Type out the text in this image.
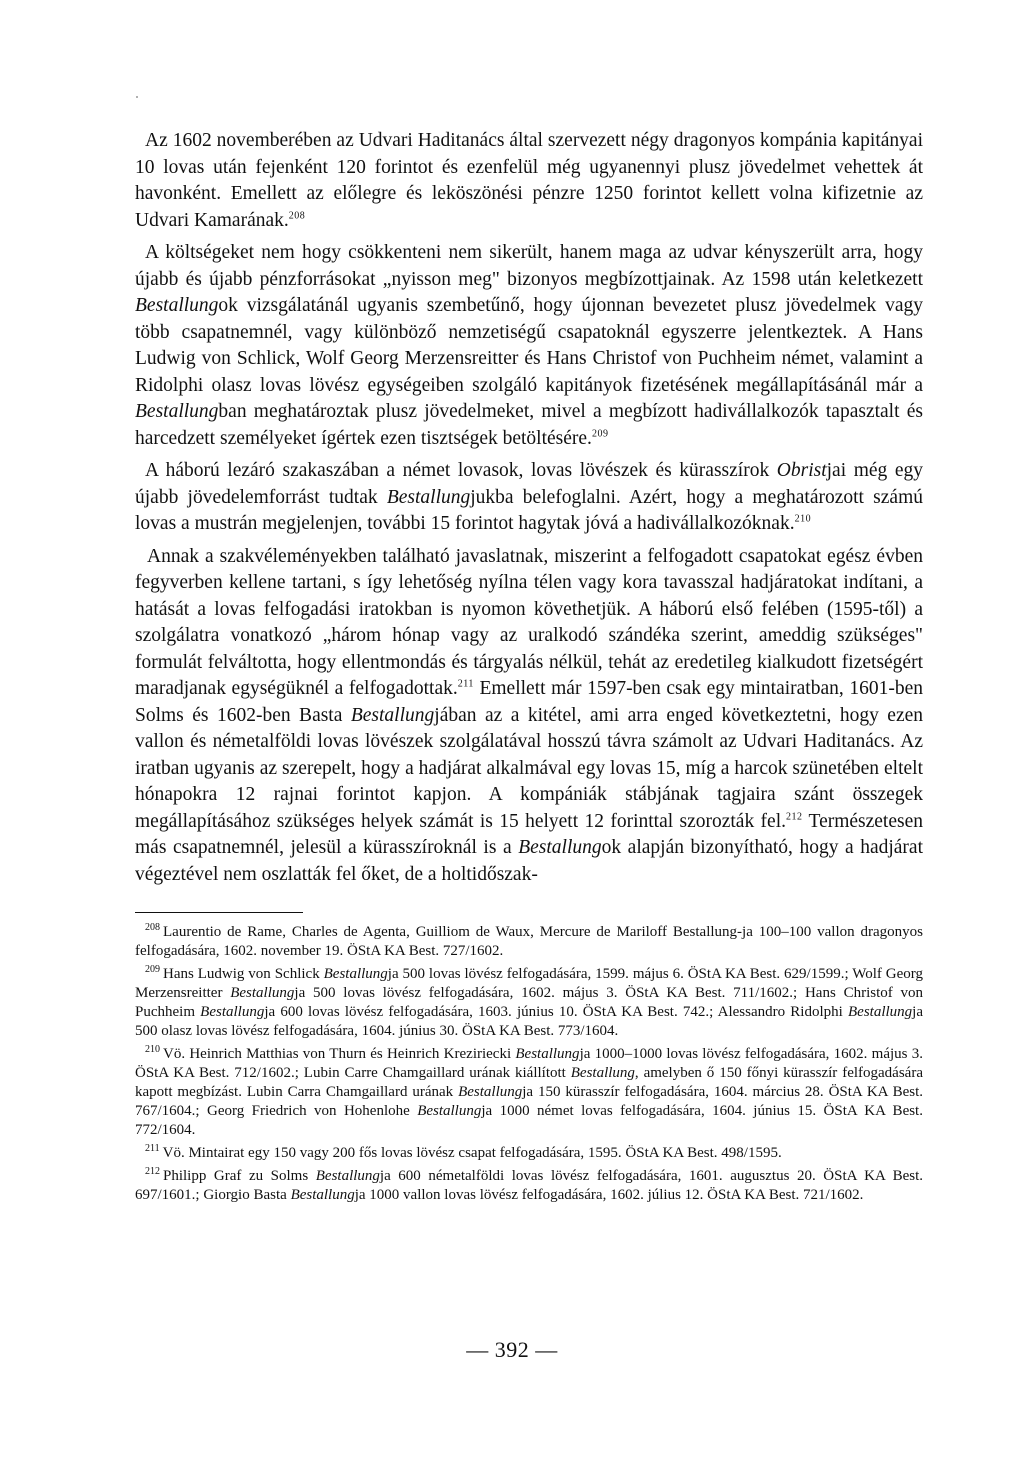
Az 1602 novemberében az Udvari Haditanács által szervezett négy dragonyos kompánia kapitányai 10 lovas után fejenként 120 forintot és ezenfelül még ugyanennyi plusz jövedelmet vehettek át havonként. Emellett az előlegre és leköszönési pénzre 1250 forintot kellett volna kifizetnie az Udvari Kamarának.$^{208}$

A költségeket nem hogy csökkenteni nem sikerült, hanem maga az udvar kényszerült arra, hogy újabb és újabb pénzforrásokat „nyisson meg" bizonyos megbízottjainak. Az 1598 után keletkezett Bestallungok vizsgálatánál ugyanis szembetűnő, hogy újonnan bevezetet plusz jövedelmek vagy több csapatnemnél, vagy különböző nemzetiségű csapatoknál egyszerre jelentkeztek. A Hans Ludwig von Schlick, Wolf Georg Merzensreitter és Hans Christof von Puchheim német, valamint a Ridolphi olasz lovas lövész egységeiben szolgáló kapitányok fizetésének megállapításánál már a Bestallungban meghatároztak plusz jövedelmeket, mivel a megbízott hadivállalkozók tapasztalt és harcedzett személyeket ígértek ezen tisztségek betöltésére.$^{209}$

A háború lezáró szakaszában a német lovasok, lovas lövészek és kürasszírok Obristjai még egy újabb jövedelemforrást tudtak Bestallungjukba belefoglalni. Azért, hogy a meghatározott számú lovas a mustrán megjelenjen, további 15 forintot hagytak jóvá a hadivállalkozóknak.$^{210}$

Annak a szakvéleményekben található javaslatnak, miszerint a felfogadott csapatokat egész évben fegyverben kellene tartani, s így lehetőség nyílna télen vagy kora tavasszal hadjáratokat indítani, a hatását a lovas felfogadási iratokban is nyomon követhetjük. A háború első felében (1595-től) a szolgálatra vonatkozó „három hónap vagy az uralkodó szándéka szerint, ameddig szükséges" formulát felváltotta, hogy ellentmondás és tárgyalás nélkül, tehát az eredetileg kialkudott fizetségért maradjanak egységüknél a felfogadottak.$^{211}$ Emellett már 1597-ben csak egy mintairatban, 1601-ben Solms és 1602-ben Basta Bestallungjában az a kitétel, ami arra enged következtetni, hogy ezen vallon és németalföldi lovas lövészek szolgálatával hosszú távra számolt az Udvari Haditanács. Az iratban ugyanis az szerepelt, hogy a hadjárat alkalmával egy lovas 15, míg a harcok szünetében eltelt hónapokra 12 rajnai forintot kapjon. A kompániák stábjának tagjaira szánt összegek megállapításához szükséges helyek számát is 15 helyett 12 forinttal szorozták fel.$^{212}$ Természetesen más csapatnemnél, jelesül a kürasszíroknál is a Bestallungok alapján bizonyítható, hogy a hadjárat végeztével nem oszlatták fel őket, de a holtidőszak-

208 Laurentio de Rame, Charles de Agenta, Guilliom de Waux, Mercure de Mariloff Bestallung-ja 100–100 vallon dragonyos felfogadására, 1602. november 19. ÖStA KA Best. 727/1602.

209 Hans Ludwig von Schlick Bestallungja 500 lovas lövész felfogadására, 1599. május 6. ÖStA KA Best. 629/1599.; Wolf Georg Merzensreitter Bestallungja 500 lovas lövész felfogadására, 1602. május 3. ÖStA KA Best. 711/1602.; Hans Christof von Puchheim Bestallungja 600 lovas lövész felfogadására, 1603. június 10. ÖStA KA Best. 742.; Alessandro Ridolphi Bestallungja 500 olasz lovas lövész felfogadására, 1604. június 30. ÖStA KA Best. 773/1604.

210 Vö. Heinrich Matthias von Thurn és Heinrich Kreziriecki Bestallungja 1000–1000 lovas lövész felfogadására, 1602. május 3. ÖStA KA Best. 712/1602.; Lubin Carre Chamgaillard urának kiállított Bestallung, amelyben ő 150 főnyi kürasszír felfogadására kapott megbízást. Lubin Carra Chamgaillard urának Bestallungja 150 kürasszír felfogadására, 1604. március 28. ÖStA KA Best. 767/1604.; Georg Friedrich von Hohenlohe Bestallungja 1000 német lovas felfogadására, 1604. június 15. ÖStA KA Best. 772/1604.

211 Vö. Mintairat egy 150 vagy 200 fős lovas lövész csapat felfogadására, 1595. ÖStA KA Best. 498/1595.

212 Philipp Graf zu Solms Bestallungja 600 németalföldi lovas lövész felfogadására, 1601. augusztus 20. ÖStA KA Best. 697/1601.; Giorgio Basta Bestallungja 1000 vallon lovas lövész felfogadására, 1602. július 12. ÖStA KA Best. 721/1602.

— 392 —
